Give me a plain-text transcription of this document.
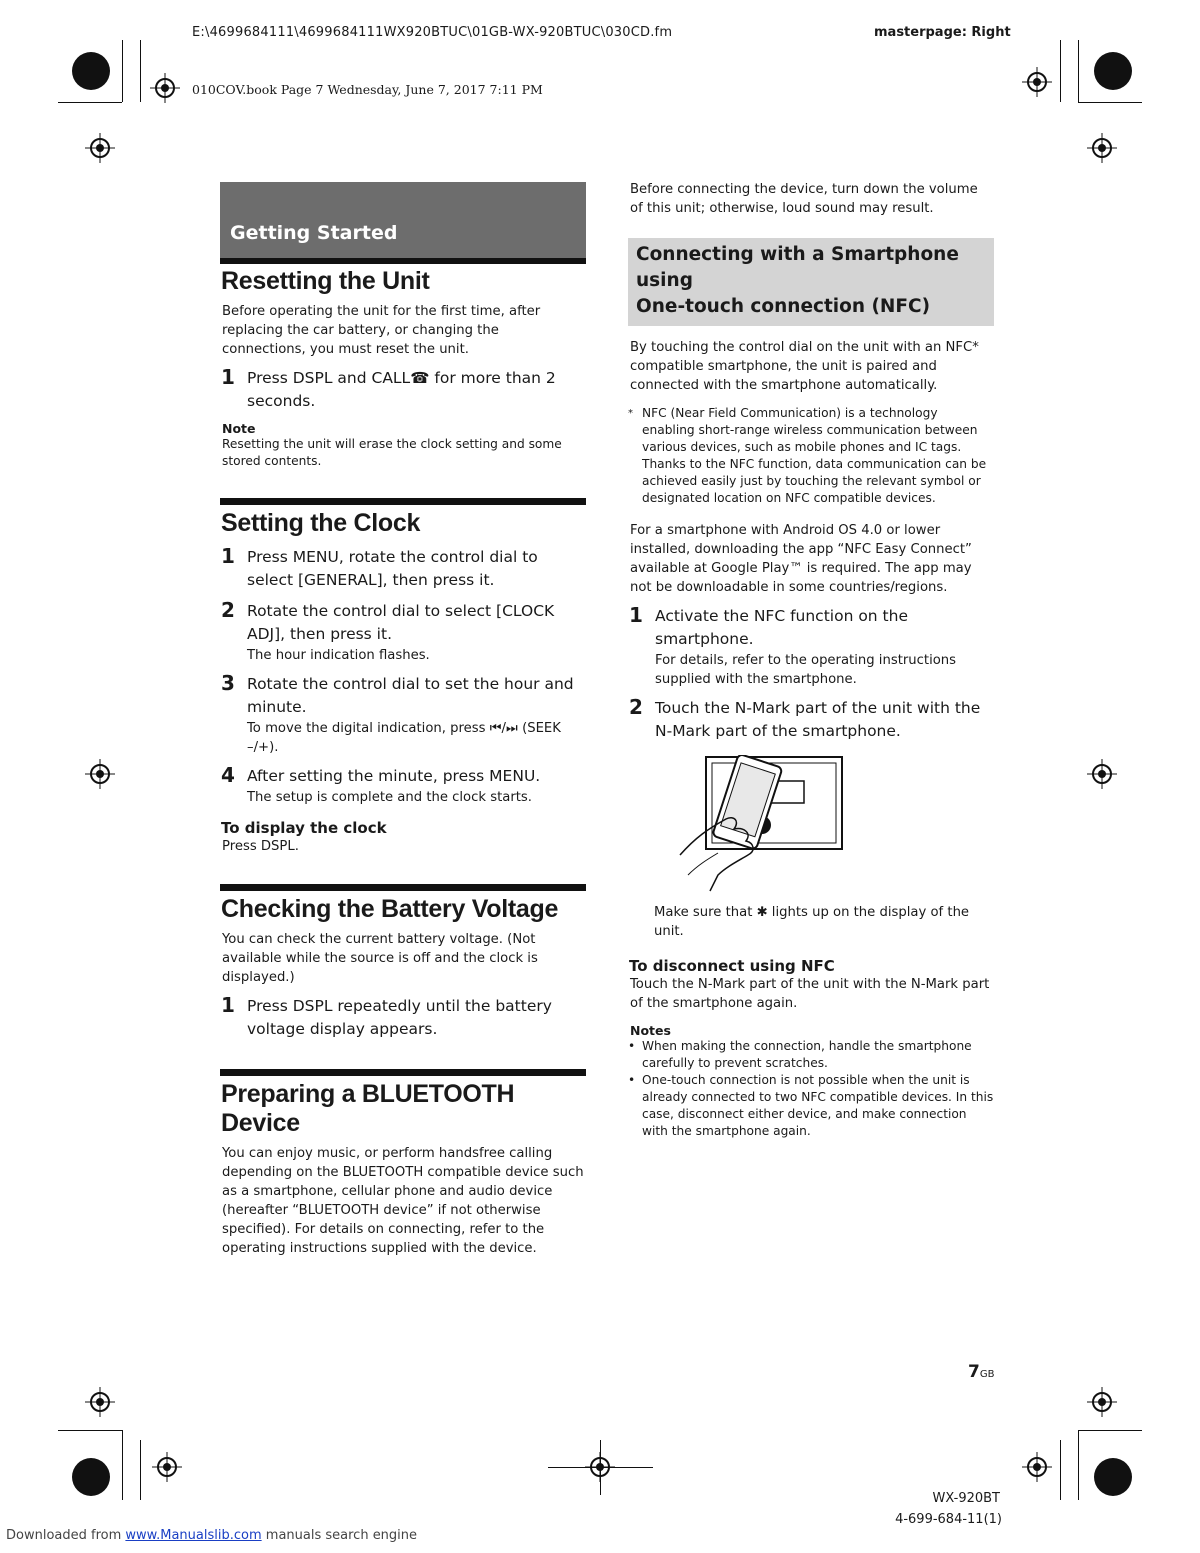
E:\4699684111\4699684111WX920BTUC\01GB-WX-920BTUC\030CD.fm	masterpage: Right
010COV.book Page 7 Wednesday, June 7, 2017 7:11 PM
Getting Started
Resetting the Unit

Before operating the unit for the first time, after replacing the car battery, or changing the connections, you must reset the unit.

1 Press DSPL and CALL☎ for more than 2 seconds.
Note
Resetting the unit will erase the clock setting and some stored contents.
Setting the Clock
1 Press MENU, rotate the control dial to select [GENERAL], then press it.
2 Rotate the control dial to select [CLOCK ADJ], then press it.
The hour indication flashes.
3 Rotate the control dial to set the hour and minute.
To move the digital indication, press ⏮/⏭ (SEEK –/+).
4 After setting the minute, press MENU.
The setup is complete and the clock starts.
To display the clock

Press DSPL.

Checking the Battery Voltage

You can check the current battery voltage. (Not available while the source is off and the clock is displayed.)

1 Press DSPL repeatedly until the battery voltage display appears.
Preparing a BLUETOOTH Device

You can enjoy music, or perform handsfree calling depending on the BLUETOOTH compatible device such as a smartphone, cellular phone and audio device (hereafter “BLUETOOTH device” if not otherwise specified). For details on connecting, refer to the operating instructions supplied with the device.

Before connecting the device, turn down the volume of this unit; otherwise, loud sound may result.

Connecting with a Smartphone using
One-touch connection (NFC)

By touching the control dial on the unit with an NFC* compatible smartphone, the unit is paired and connected with the smartphone automatically.

* NFC (Near Field Communication) is a technology enabling short-range wireless communication between various devices, such as mobile phones and IC tags. Thanks to the NFC function, data communication can be achieved easily just by touching the relevant symbol or designated location on NFC compatible devices.

For a smartphone with Android OS 4.0 or lower installed, downloading the app “NFC Easy Connect” available at Google Play™ is required. The app may not be downloadable in some countries/regions.

1 Activate the NFC function on the smartphone.
For details, refer to the operating instructions supplied with the smartphone.
2 Touch the N-Mark part of the unit with the N-Mark part of the smartphone.

Make sure that ✱ lights up on the display of the unit.

To disconnect using NFC

Touch the N-Mark part of the unit with the N-Mark part of the smartphone again.

Notes
• When making the connection, handle the smartphone carefully to prevent scratches.
• One-touch connection is not possible when the unit is already connected to two NFC compatible devices. In this case, disconnect either device, and make connection with the smartphone again.
7GB
WX-920BT
4-699-684-11(1)
Downloaded from www.Manualslib.com manuals search engine
